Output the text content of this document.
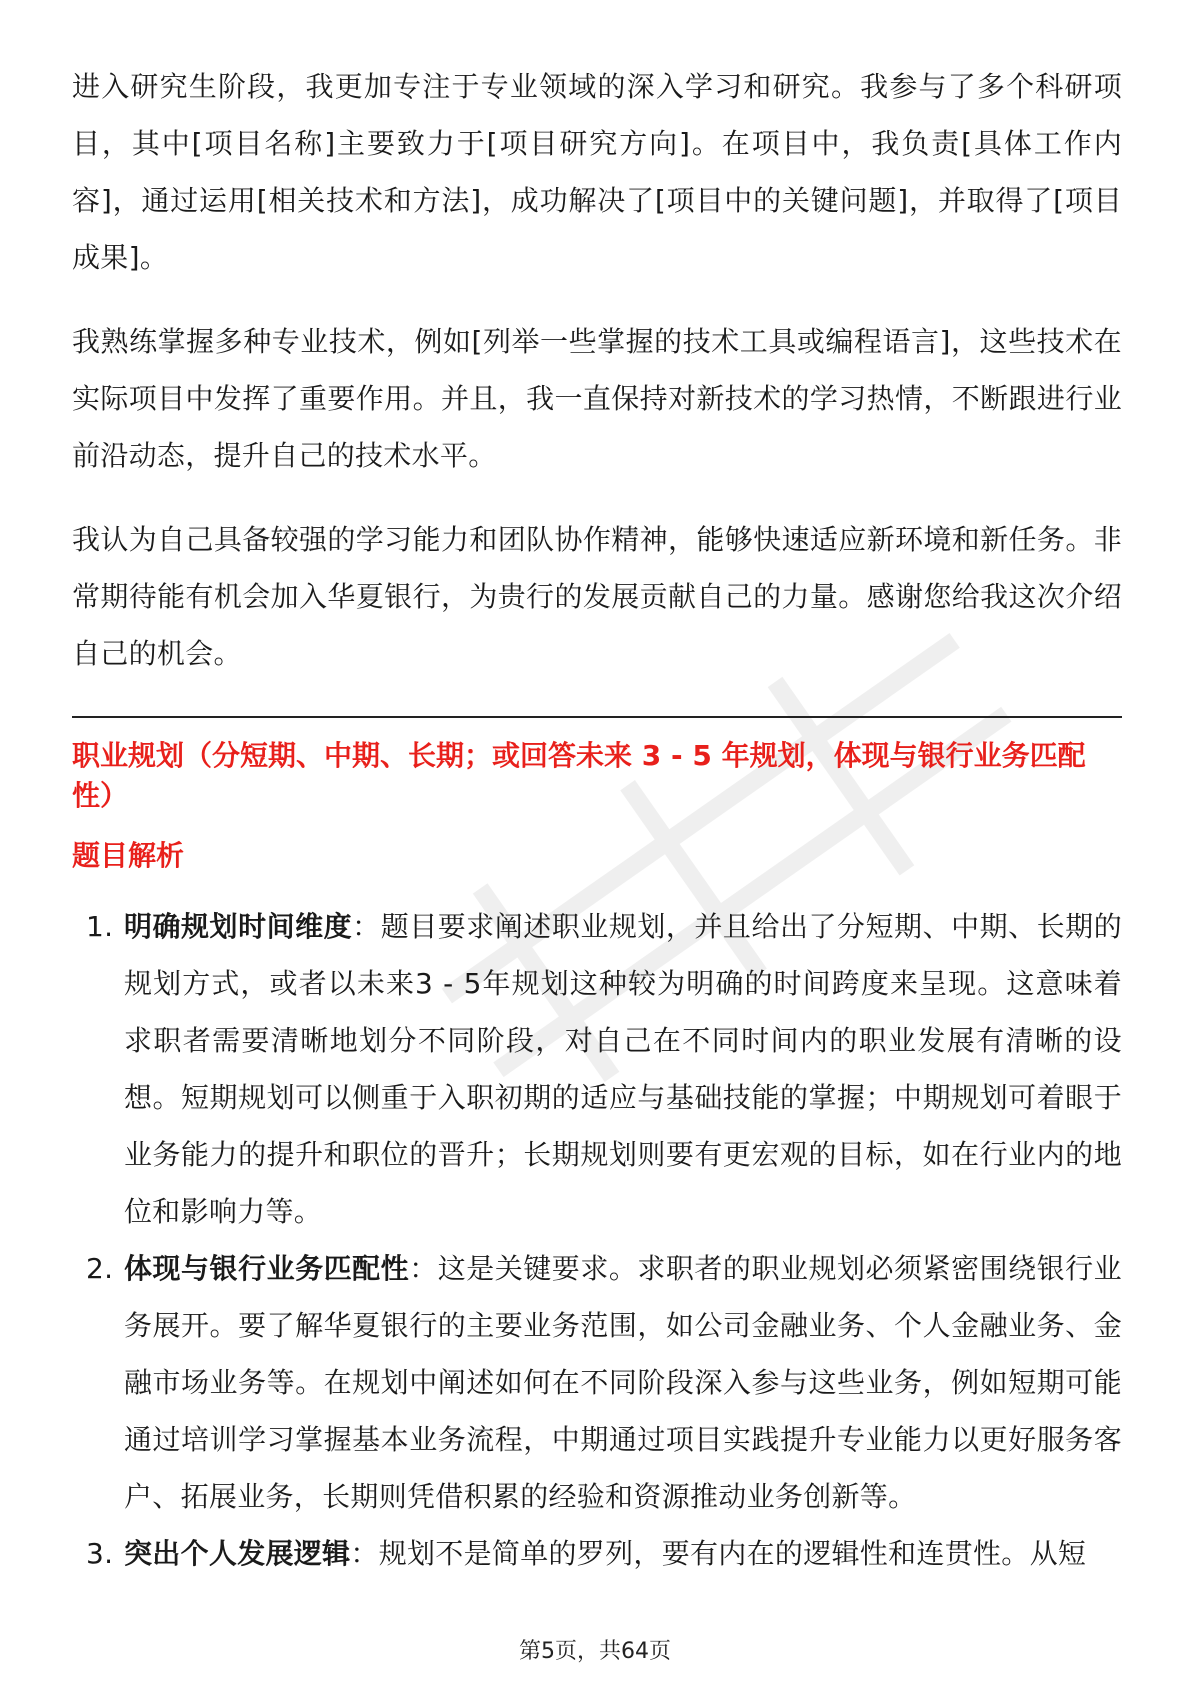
进入研究生阶段，我更加专注于专业领域的深入学习和研究。我参与了多个科研项目，其中[项目名称]主要致力于[项目研究方向]。在项目中，我负责[具体工作内容]，通过运用[相关技术和方法]，成功解决了[项目中的关键问题]，并取得了[项目成果]。

我熟练掌握多种专业技术，例如[列举一些掌握的技术工具或编程语言]，这些技术在实际项目中发挥了重要作用。并且，我一直保持对新技术的学习热情，不断跟进行业前沿动态，提升自己的技术水平。

我认为自己具备较强的学习能力和团队协作精神，能够快速适应新环境和新任务。非常期待能有机会加入华夏银行，为贵行的发展贡献自己的力量。感谢您给我这次介绍自己的机会。

职业规划（分短期、中期、长期；或回答未来 3 - 5 年规划，体现与银行业务匹配性）
题目解析
1. 明确规划时间维度：题目要求阐述职业规划，并且给出了分短期、中期、长期的规划方式，或者以未来3 - 5年规划这种较为明确的时间跨度来呈现。这意味着求职者需要清晰地划分不同阶段，对自己在不同时间内的职业发展有清晰的设想。短期规划可以侧重于入职初期的适应与基础技能的掌握；中期规划可着眼于业务能力的提升和职位的晋升；长期规划则要有更宏观的目标，如在行业内的地位和影响力等。
2. 体现与银行业务匹配性：这是关键要求。求职者的职业规划必须紧密围绕银行业务展开。要了解华夏银行的主要业务范围，如公司金融业务、个人金融业务、金融市场业务等。在规划中阐述如何在不同阶段深入参与这些业务，例如短期可能通过培训学习掌握基本业务流程，中期通过项目实践提升专业能力以更好服务客户、拓展业务，长期则凭借积累的经验和资源推动业务创新等。
3. 突出个人发展逻辑：规划不是简单的罗列，要有内在的逻辑性和连贯性。从短
第5页，共64页
